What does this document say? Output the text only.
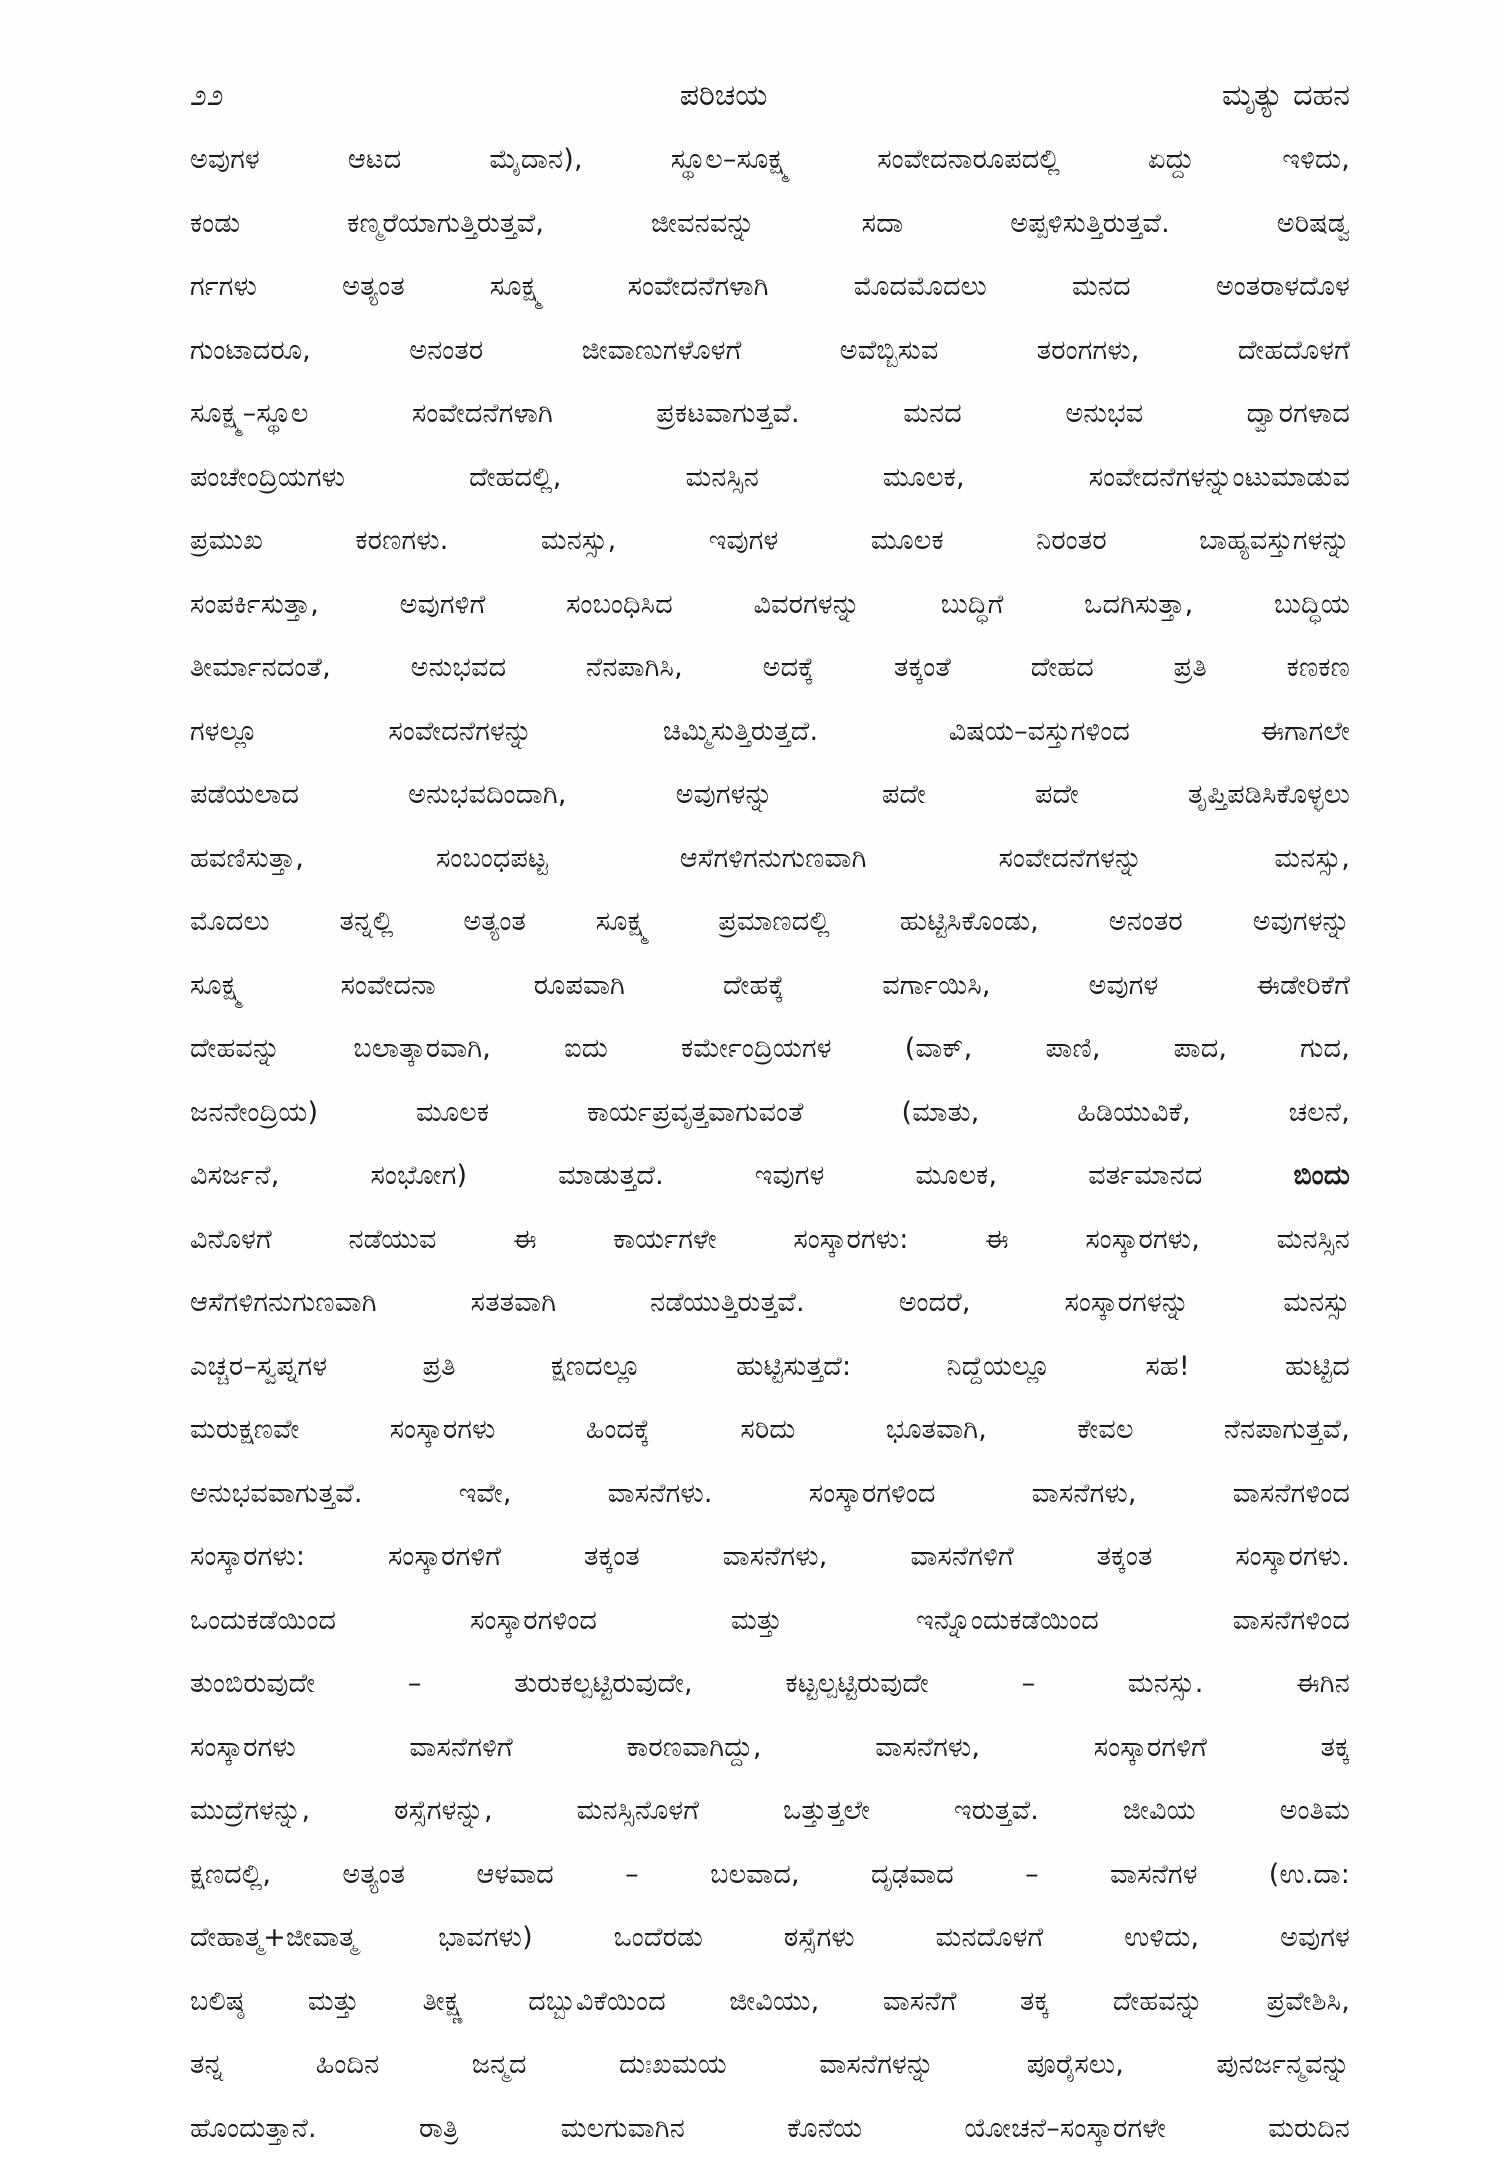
೨೨	ಪರಿಚಯ	ಮೃತ್ಯು ದಹನ
ಅವುಗಳ ಆಟದ ಮೈದಾನ), ಸ್ಥೂಲ–ಸೂಕ್ಷ್ಮ ಸಂವೇದನಾರೂಪದಲ್ಲಿ ಏದ್ದು ಇಳಿದು,
ಕಂಡು ಕಣ್ಮರೆಯಾಗುತ್ತಿರುತ್ತವೆ, ಜೀವನವನ್ನು ಸದಾ ಅಪ್ಪಳಿಸುತ್ತಿರುತ್ತವೆ. ಅರಿಷಡ್ವ
ರ್ಗಗಳು ಅತ್ಯಂತ ಸೂಕ್ಷ್ಮ ಸಂವೇದನೆಗಳಾಗಿ ಮೊದಮೊದಲು ಮನದ ಅಂತರಾಳದೊಳ
ಗುಂಟಾದರೂ, ಅನಂತರ ಜೀವಾಣುಗಳೊಳಗೆ ಅವೆಬ್ಬಿಸುವ ತರಂಗಗಳು, ದೇಹದೊಳಗೆ
ಸೂಕ್ಷ್ಮ–ಸ್ಥೂಲ ಸಂವೇದನೆಗಳಾಗಿ ಪ್ರಕಟವಾಗುತ್ತವೆ. ಮನದ ಅನುಭವ ದ್ವಾರಗಳಾದ
ಪಂಚೇಂದ್ರಿಯಗಳು ದೇಹದಲ್ಲಿ, ಮನಸ್ಸಿನ ಮೂಲಕ, ಸಂವೇದನೆಗಳನ್ನುಂಟುಮಾಡುವ
ಪ್ರಮುಖ ಕರಣಗಳು. ಮನಸ್ಸು, ಇವುಗಳ ಮೂಲಕ ನಿರಂತರ ಬಾಹ್ಯವಸ್ತುಗಳನ್ನು
ಸಂಪರ್ಕಿಸುತ್ತಾ, ಅವುಗಳಿಗೆ ಸಂಬಂಧಿಸಿದ ವಿವರಗಳನ್ನು ಬುದ್ಧಿಗೆ ಒದಗಿಸುತ್ತಾ, ಬುದ್ಧಿಯ
ತೀರ್ಮಾನದಂತೆ, ಅನುಭವದ ನೆನಪಾಗಿಸಿ, ಅದಕ್ಕೆ ತಕ್ಕಂತೆ ದೇಹದ ಪ್ರತಿ ಕಣಕಣ
ಗಳಲ್ಲೂ ಸಂವೇದನೆಗಳನ್ನು ಚಿಮ್ಮಿಸುತ್ತಿರುತ್ತದೆ. ವಿಷಯ–ವಸ್ತುಗಳಿಂದ ಈಗಾಗಲೇ
ಪಡೆಯಲಾದ ಅನುಭವದಿಂದಾಗಿ, ಅವುಗಳನ್ನು ಪದೇ ಪದೇ ತೃಪ್ತಿಪಡಿಸಿಕೊಳ್ಳಲು
ಹವಣಿಸುತ್ತಾ, ಸಂಬಂಧಪಟ್ಟ ಆಸೆಗಳಿಗನುಗುಣವಾಗಿ ಸಂವೇದನೆಗಳನ್ನು ಮನಸ್ಸು,
ಮೊದಲು ತನ್ನಲ್ಲಿ ಅತ್ಯಂತ ಸೂಕ್ಷ್ಮ ಪ್ರಮಾಣದಲ್ಲಿ ಹುಟ್ಟಿಸಿಕೊಂಡು, ಅನಂತರ ಅವುಗಳನ್ನು
ಸೂಕ್ಷ್ಮ ಸಂವೇದನಾ ರೂಪವಾಗಿ ದೇಹಕ್ಕೆ ವರ್ಗಾಯಿಸಿ, ಅವುಗಳ ಈಡೇರಿಕೆಗೆ
ದೇಹವನ್ನು ಬಲಾತ್ಕಾರವಾಗಿ, ಐದು ಕರ್ಮೇಂದ್ರಿಯಗಳ (ವಾಕ್, ಪಾಣಿ, ಪಾದ, ಗುದ,
ಜನನೇಂದ್ರಿಯ) ಮೂಲಕ ಕಾರ್ಯಪ್ರವೃತ್ತವಾಗುವಂತೆ (ಮಾತು, ಹಿಡಿಯುವಿಕೆ, ಚಲನೆ,
ವಿಸರ್ಜನೆ, ಸಂಭೋಗ) ಮಾಡುತ್ತದೆ. ಇವುಗಳ ಮೂಲಕ, ವರ್ತಮಾನದ	ಬಿಂದು
ವಿನೊಳಗೆ ನಡೆಯುವ ಈ ಕಾರ್ಯಗಳೇ ಸಂಸ್ಕಾರಗಳು: ಈ ಸಂಸ್ಕಾರಗಳು, ಮನಸ್ಸಿನ
ಆಸೆಗಳಿಗನುಗುಣವಾಗಿ ಸತತವಾಗಿ ನಡೆಯುತ್ತಿರುತ್ತವೆ. ಅಂದರೆ, ಸಂಸ್ಕಾರಗಳನ್ನು ಮನಸ್ಸು
ಎಚ್ಚರ–ಸ್ವಪ್ನಗಳ ಪ್ರತಿ ಕ್ಷಣದಲ್ಲೂ ಹುಟ್ಟಿಸುತ್ತದೆ: ನಿದ್ದೆಯಲ್ಲೂ ಸಹ! ಹುಟ್ಟಿದ
ಮರುಕ್ಷಣವೇ ಸಂಸ್ಕಾರಗಳು ಹಿಂದಕ್ಕೆ ಸರಿದು ಭೂತವಾಗಿ, ಕೇವಲ ನೆನಪಾಗುತ್ತವೆ,
ಅನುಭವವಾಗುತ್ತವೆ. ಇವೇ, ವಾಸನೆಗಳು. ಸಂಸ್ಕಾರಗಳಿಂದ ವಾಸನೆಗಳು, ವಾಸನೆಗಳಿಂದ
ಸಂಸ್ಕಾರಗಳು: ಸಂಸ್ಕಾರಗಳಿಗೆ ತಕ್ಕಂತ ವಾಸನೆಗಳು, ವಾಸನೆಗಳಿಗೆ ತಕ್ಕಂತ ಸಂಸ್ಕಾರಗಳು.
ಒಂದುಕಡೆಯಿಂದ ಸಂಸ್ಕಾರಗಳಿಂದ ಮತ್ತು ಇನ್ನೊಂದುಕಡೆಯಿಂದ ವಾಸನೆಗಳಿಂದ
ತುಂಬಿರುವುದೇ – ತುರುಕಲ್ಪಟ್ಟಿರುವುದೇ, ಕಟ್ಟಲ್ಪಟ್ಟಿರುವುದೇ – ಮನಸ್ಸು. ಈಗಿನ
ಸಂಸ್ಕಾರಗಳು ವಾಸನೆಗಳಿಗೆ ಕಾರಣವಾಗಿದ್ದು, ವಾಸನೆಗಳು, ಸಂಸ್ಕಾರಗಳಿಗೆ ತಕ್ಕ
ಮುದ್ರೆಗಳನ್ನು, ಠಸ್ಸೆಗಳನ್ನು, ಮನಸ್ಸಿನೊಳಗೆ ಒತ್ತುತ್ತಲೇ ಇರುತ್ತವೆ. ಜೀವಿಯ ಅಂತಿಮ
ಕ್ಷಣದಲ್ಲಿ, ಅತ್ಯಂತ ಆಳವಾದ – ಬಲವಾದ, ದೃಢವಾದ – ವಾಸನೆಗಳ (ಉ.ದಾ:
ದೇಹಾತ್ಮ+ಜೀವಾತ್ಮ ಭಾವಗಳು) ಒಂದೆರಡು ಠಸ್ಸೆಗಳು ಮನದೊಳಗೆ ಉಳಿದು, ಅವುಗಳ
ಬಲಿಷ್ಠ ಮತ್ತು ತೀಕ್ಷ್ಣ ದಬ್ಬುವಿಕೆಯಿಂದ ಜೀವಿಯು, ವಾಸನೆಗೆ ತಕ್ಕ ದೇಹವನ್ನು ಪ್ರವೇಶಿಸಿ,
ತನ್ನ ಹಿಂದಿನ ಜನ್ಮದ ದುಃಖಮಯ ವಾಸನೆಗಳನ್ನು ಪೂರೈಸಲು, ಪುನರ್ಜನ್ಮವನ್ನು
ಹೊಂದುತ್ತಾನೆ. ರಾತ್ರಿ ಮಲಗುವಾಗಿನ ಕೊನೆಯ ಯೋಚನೆ–ಸಂಸ್ಕಾರಗಳೇ ಮರುದಿನ
